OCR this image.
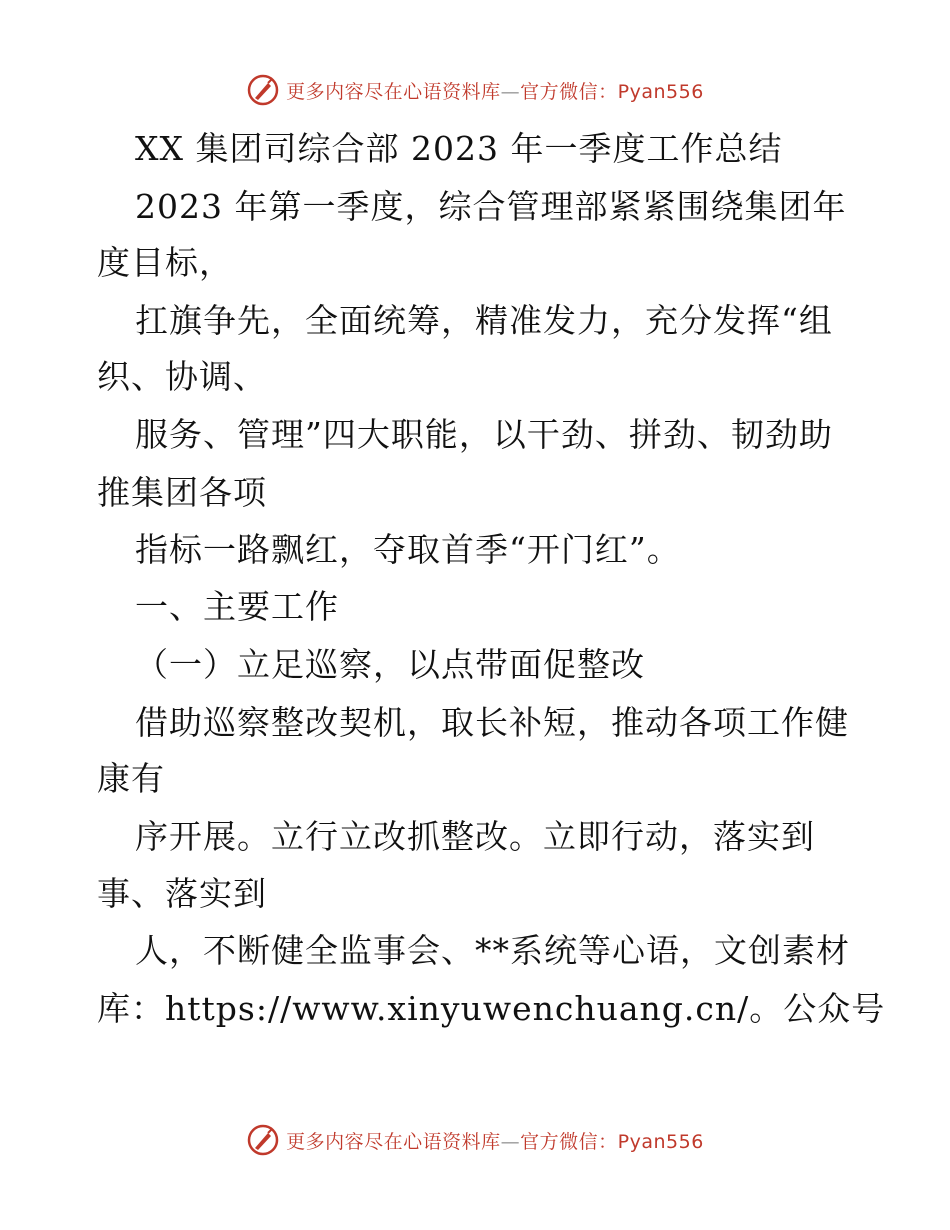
更多内容尽在心语资料库—官方微信：Pyan556
XX 集团司综合部 2023 年一季度工作总结
2023 年第一季度，综合管理部紧紧围绕集团年
度目标，
扛旗争先，全面统筹，精准发力，充分发挥“组
织、协调、
服务、管理”四大职能，以干劲、拼劲、韧劲助
推集团各项
指标一路飘红，夺取首季“开门红”。
一、主要工作
（一）立足巡察，以点带面促整改
借助巡察整改契机，取长补短，推动各项工作健
康有
序开展。立行立改抓整改。立即行动，落实到
事、落实到
人，不断健全监事会、**系统等心语，文创素材
库：https://www.xinyuwenchuang.cn/。公众号
更多内容尽在心语资料库—官方微信：Pyan556
